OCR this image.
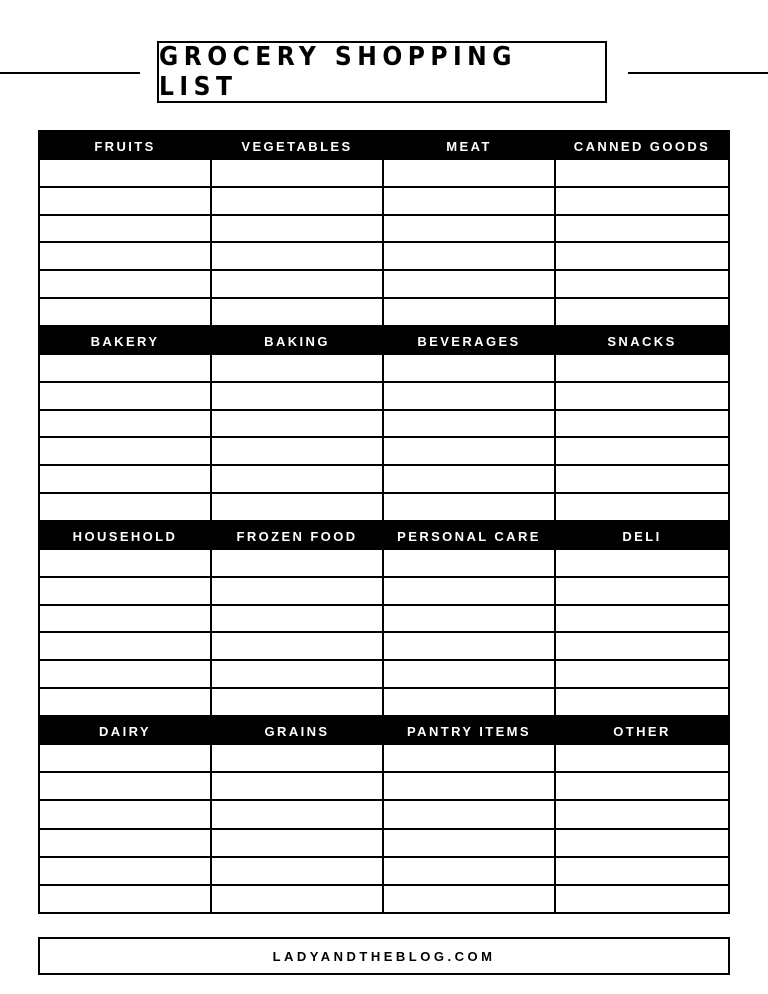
GROCERY SHOPPING LIST
FRUITS	VEGETABLES	MEAT	CANNED GOODS
BAKERY	BAKING	BEVERAGES	SNACKS
HOUSEHOLD	FROZEN FOOD	PERSONAL CARE	DELI
DAIRY	GRAINS	PANTRY ITEMS	OTHER
LADYANDTHEBLOG.COM
